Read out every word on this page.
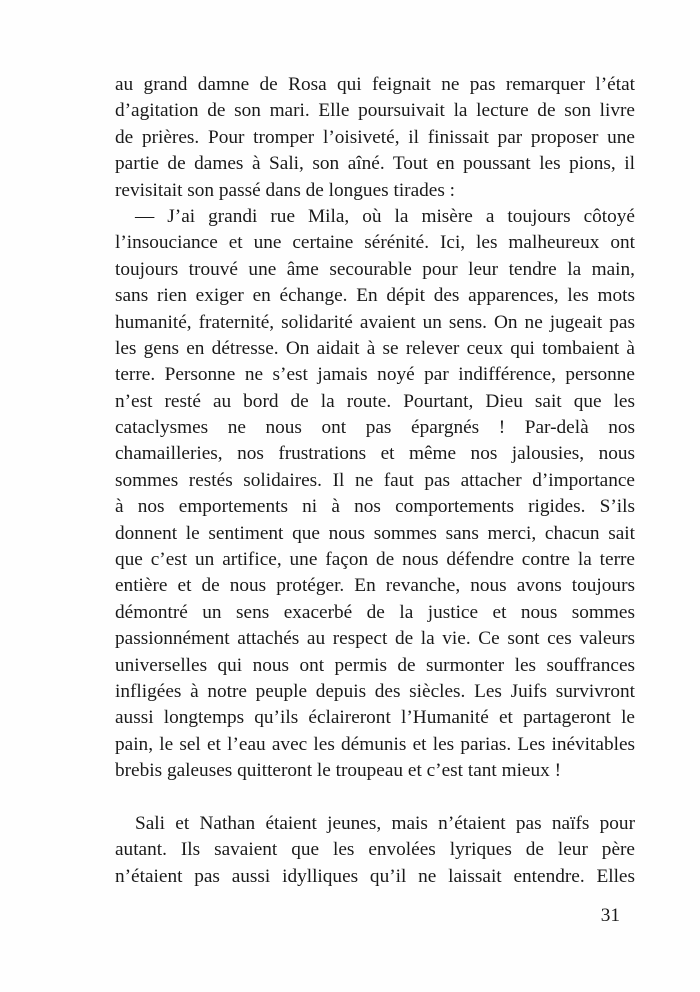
au grand damne de Rosa qui feignait ne pas remarquer l’état
d’agitation de son mari. Elle poursuivait la lecture de son livre
de prières. Pour tromper l’oisiveté, il finissait par proposer une
partie de dames à Sali, son aîné. Tout en poussant les pions, il
revisitait son passé dans de longues tirades :
— J’ai grandi rue Mila, où la misère a toujours côtoyé
l’insouciance et une certaine sérénité. Ici, les malheureux ont
toujours trouvé une âme secourable pour leur tendre la main,
sans rien exiger en échange. En dépit des apparences, les mots
humanité, fraternité, solidarité avaient un sens. On ne jugeait pas
les gens en détresse. On aidait à se relever ceux qui tombaient à
terre. Personne ne s’est jamais noyé par indifférence, personne
n’est resté au bord de la route. Pourtant, Dieu sait que les
cataclysmes ne nous ont pas épargnés ! Par-delà nos
chamailleries, nos frustrations et même nos jalousies, nous
sommes restés solidaires. Il ne faut pas attacher d’importance
à nos emportements ni à nos comportements rigides. S’ils
donnent le sentiment que nous sommes sans merci, chacun sait
que c’est un artifice, une façon de nous défendre contre la terre
entière et de nous protéger. En revanche, nous avons toujours
démontré un sens exacerbé de la justice et nous sommes
passionnément attachés au respect de la vie. Ce sont ces valeurs
universelles qui nous ont permis de surmonter les souffrances
infligées à notre peuple depuis des siècles. Les Juifs survivront
aussi longtemps qu’ils éclaireront l’Humanité et partageront le
pain, le sel et l’eau avec les démunis et les parias. Les inévitables
brebis galeuses quitteront le troupeau et c’est tant mieux !
Sali et Nathan étaient jeunes, mais n’étaient pas naïfs pour
autant. Ils savaient que les envolées lyriques de leur père
n’étaient pas aussi idylliques qu’il ne laissait entendre. Elles
31
